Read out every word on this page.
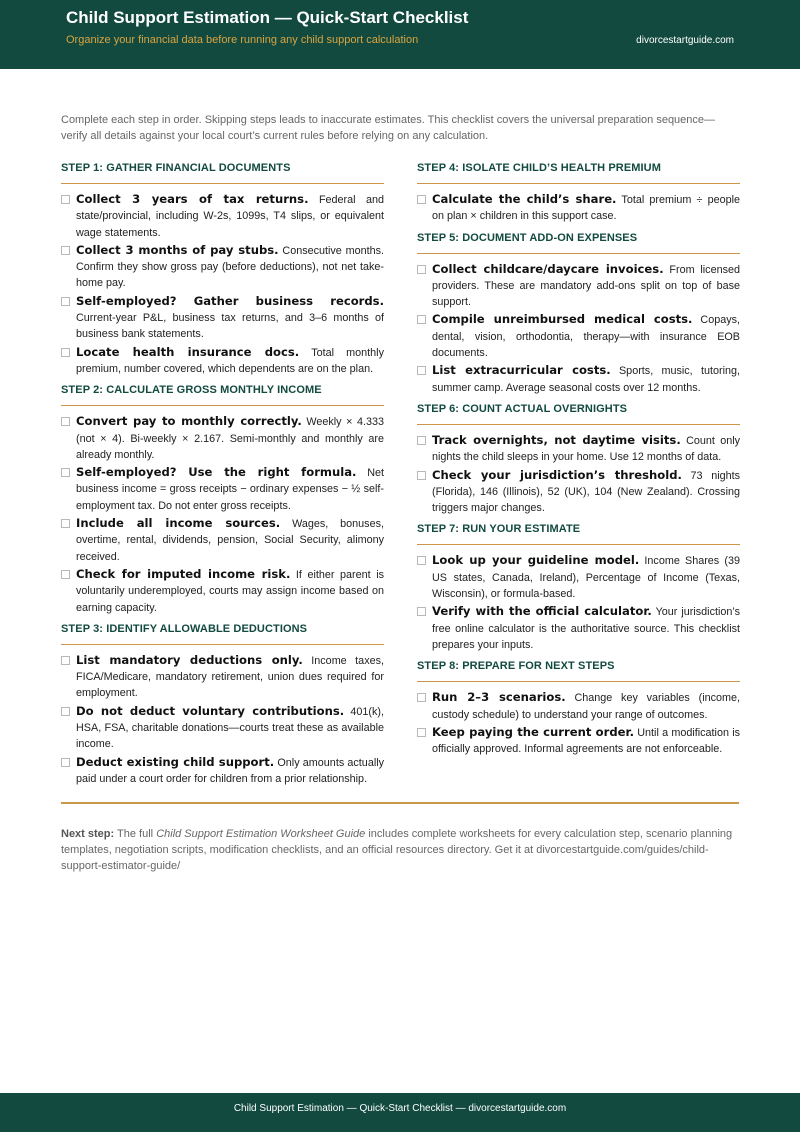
Child Support Estimation — Quick-Start Checklist
Organize your financial data before running any child support calculation	divorcestartguide.com
Complete each step in order. Skipping steps leads to inaccurate estimates. This checklist covers the universal preparation sequence—verify all details against your local court’s current rules before relying on any calculation.
STEP 1: GATHER FINANCIAL DOCUMENTS
Collect 3 years of tax returns. Federal and state/provincial, including W-2s, 1099s, T4 slips, or equivalent wage statements.
Collect 3 months of pay stubs. Consecutive months. Confirm they show gross pay (before deductions), not net take-home pay.
Self-employed? Gather business records. Current-year P&L, business tax returns, and 3–6 months of business bank statements.
Locate health insurance docs. Total monthly premium, number covered, which dependents are on the plan.
STEP 2: CALCULATE GROSS MONTHLY INCOME
Convert pay to monthly correctly. Weekly × 4.333 (not × 4). Bi-weekly × 2.167. Semi-monthly and monthly are already monthly.
Self-employed? Use the right formula. Net business income = gross receipts − ordinary expenses − ½ self-employment tax. Do not enter gross receipts.
Include all income sources. Wages, bonuses, overtime, rental, dividends, pension, Social Security, alimony received.
Check for imputed income risk. If either parent is voluntarily underemployed, courts may assign income based on earning capacity.
STEP 3: IDENTIFY ALLOWABLE DEDUCTIONS
List mandatory deductions only. Income taxes, FICA/Medicare, mandatory retirement, union dues required for employment.
Do not deduct voluntary contributions. 401(k), HSA, FSA, charitable donations—courts treat these as available income.
Deduct existing child support. Only amounts actually paid under a court order for children from a prior relationship.
STEP 4: ISOLATE CHILD’S HEALTH PREMIUM
Calculate the child’s share. Total premium ÷ people on plan × children in this support case.
STEP 5: DOCUMENT ADD-ON EXPENSES
Collect childcare/daycare invoices. From licensed providers. These are mandatory add-ons split on top of base support.
Compile unreimbursed medical costs. Copays, dental, vision, orthodontia, therapy—with insurance EOB documents.
List extracurricular costs. Sports, music, tutoring, summer camp. Average seasonal costs over 12 months.
STEP 6: COUNT ACTUAL OVERNIGHTS
Track overnights, not daytime visits. Count only nights the child sleeps in your home. Use 12 months of data.
Check your jurisdiction’s threshold. 73 nights (Florida), 146 (Illinois), 52 (UK), 104 (New Zealand). Crossing triggers major changes.
STEP 7: RUN YOUR ESTIMATE
Look up your guideline model. Income Shares (39 US states, Canada, Ireland), Percentage of Income (Texas, Wisconsin), or formula-based.
Verify with the official calculator. Your jurisdiction’s free online calculator is the authoritative source. This checklist prepares your inputs.
STEP 8: PREPARE FOR NEXT STEPS
Run 2–3 scenarios. Change key variables (income, custody schedule) to understand your range of outcomes.
Keep paying the current order. Until a modification is officially approved. Informal agreements are not enforceable.
Next step: The full Child Support Estimation Worksheet Guide includes complete worksheets for every calculation step, scenario planning templates, negotiation scripts, modification checklists, and an official resources directory. Get it at divorcestartguide.com/guides/child-support-estimator-guide/
Child Support Estimation — Quick-Start Checklist — divorcestartguide.com
